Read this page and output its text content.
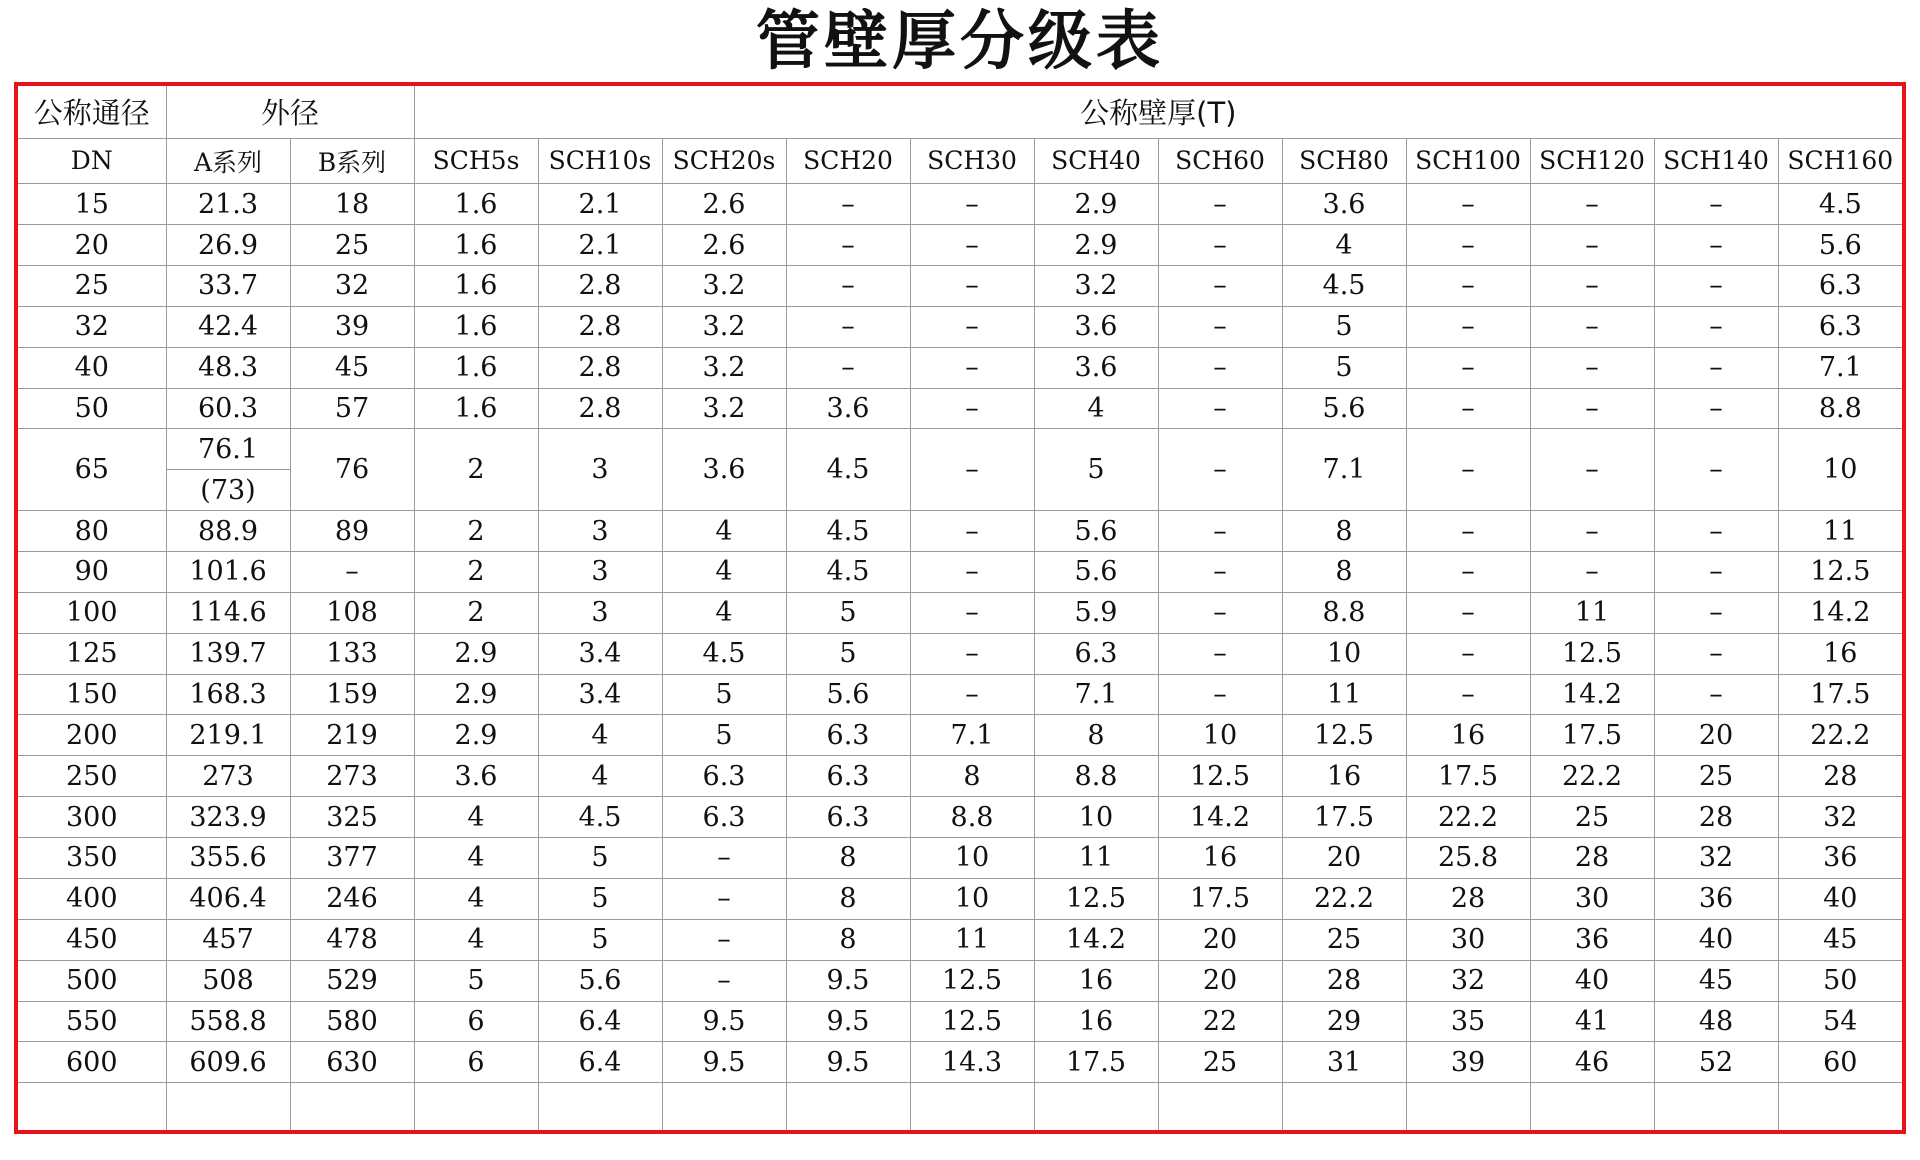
管壁厚分级表
公称通径	外径		公称壁厚(T)											
DN	A系列	B系列	SCH5s	SCH10s	SCH20s	SCH20	SCH30	SCH40	SCH60	SCH80	SCH100	SCH120	SCH140	SCH160
15	21.3	18	1.6	2.1	2.6	–	–	2.9	–	3.6	–	–	–	4.5
20	26.9	25	1.6	2.1	2.6	–	–	2.9	–	4	–	–	–	5.6
25	33.7	32	1.6	2.8	3.2	–	–	3.2	–	4.5	–	–	–	6.3
32	42.4	39	1.6	2.8	3.2	–	–	3.6	–	5	–	–	–	6.3
40	48.3	45	1.6	2.8	3.2	–	–	3.6	–	5	–	–	–	7.1
50	60.3	57	1.6	2.8	3.2	3.6	–	4	–	5.6	–	–	–	8.8
65	76.1	76	2	3	3.6	4.5	–	5	–	7.1	–	–	–	10
	(73)													
80	88.9	89	2	3	4	4.5	–	5.6	–	8	–	–	–	11
90	101.6	–	2	3	4	4.5	–	5.6	–	8	–	–	–	12.5
100	114.6	108	2	3	4	5	–	5.9	–	8.8	–	11	–	14.2
125	139.7	133	2.9	3.4	4.5	5	–	6.3	–	10	–	12.5	–	16
150	168.3	159	2.9	3.4	5	5.6	–	7.1	–	11	–	14.2	–	17.5
200	219.1	219	2.9	4	5	6.3	7.1	8	10	12.5	16	17.5	20	22.2
250	273	273	3.6	4	6.3	6.3	8	8.8	12.5	16	17.5	22.2	25	28
300	323.9	325	4	4.5	6.3	6.3	8.8	10	14.2	17.5	22.2	25	28	32
350	355.6	377	4	5	–	8	10	11	16	20	25.8	28	32	36
400	406.4	246	4	5	–	8	10	12.5	17.5	22.2	28	30	36	40
450	457	478	4	5	–	8	11	14.2	20	25	30	36	40	45
500	508	529	5	5.6	–	9.5	12.5	16	20	28	32	40	45	50
550	558.8	580	6	6.4	9.5	9.5	12.5	16	22	29	35	41	48	54
600	609.6	630	6	6.4	9.5	9.5	14.3	17.5	25	31	39	46	52	60
